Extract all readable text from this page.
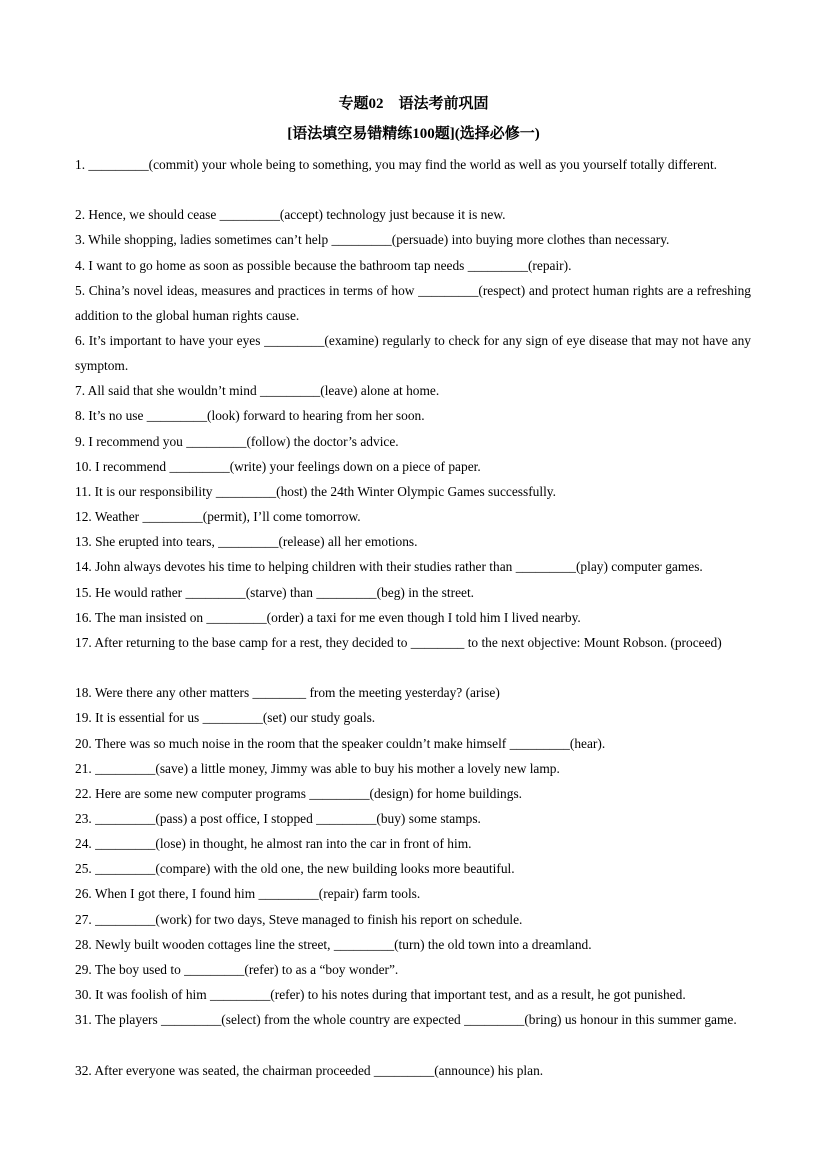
专题02    语法考前巩固
[语法填空易错精练100题](选择必修一)
1. _________(commit) your whole being to something, you may find the world as well as you yourself totally different.
2. Hence, we should cease _________(accept) technology just because it is new.
3. While shopping, ladies sometimes can’t help _________(persuade) into buying more clothes than necessary.
4. I want to go home as soon as possible because the bathroom tap needs _________(repair).
5. China’s novel ideas, measures and practices in terms of how _________(respect) and protect human rights are a refreshing addition to the global human rights cause.
6. It’s important to have your eyes _________(examine) regularly to check for any sign of eye disease that may not have any symptom.
7. All said that she wouldn’t mind _________(leave) alone at home.
8. It’s no use _________(look) forward to hearing from her soon.
9. I recommend you _________(follow) the doctor’s advice.
10. I recommend _________(write) your feelings down on a piece of paper.
11. It is our responsibility _________(host) the 24th Winter Olympic Games successfully.
12. Weather _________(permit), I’ll come tomorrow.
13. She erupted into tears, _________(release) all her emotions.
14. John always devotes his time to helping children with their studies rather than _________(play) computer games.
15. He would rather _________(starve) than _________(beg) in the street.
16. The man insisted on _________(order) a taxi for me even though I told him I lived nearby.
17. After returning to the base camp for a rest, they decided to ________ to the next objective: Mount Robson. (proceed)
18. Were there any other matters ________ from the meeting yesterday? (arise)
19. It is essential for us _________(set) our study goals.
20. There was so much noise in the room that the speaker couldn’t make himself _________(hear).
21. _________(save) a little money, Jimmy was able to buy his mother a lovely new lamp.
22. Here are some new computer programs _________(design) for home buildings.
23. _________(pass) a post office, I stopped _________(buy) some stamps.
24. _________(lose) in thought, he almost ran into the car in front of him.
25. _________(compare) with the old one, the new building looks more beautiful.
26. When I got there, I found him _________(repair) farm tools.
27. _________(work) for two days, Steve managed to finish his report on schedule.
28. Newly built wooden cottages line the street, _________(turn) the old town into a dreamland.
29. The boy used to _________(refer) to as a “boy wonder”.
30. It was foolish of him _________(refer) to his notes during that important test, and as a result, he got punished.
31. The players _________(select) from the whole country are expected _________(bring) us honour in this summer game.
32. After everyone was seated, the chairman proceeded _________(announce) his plan.
